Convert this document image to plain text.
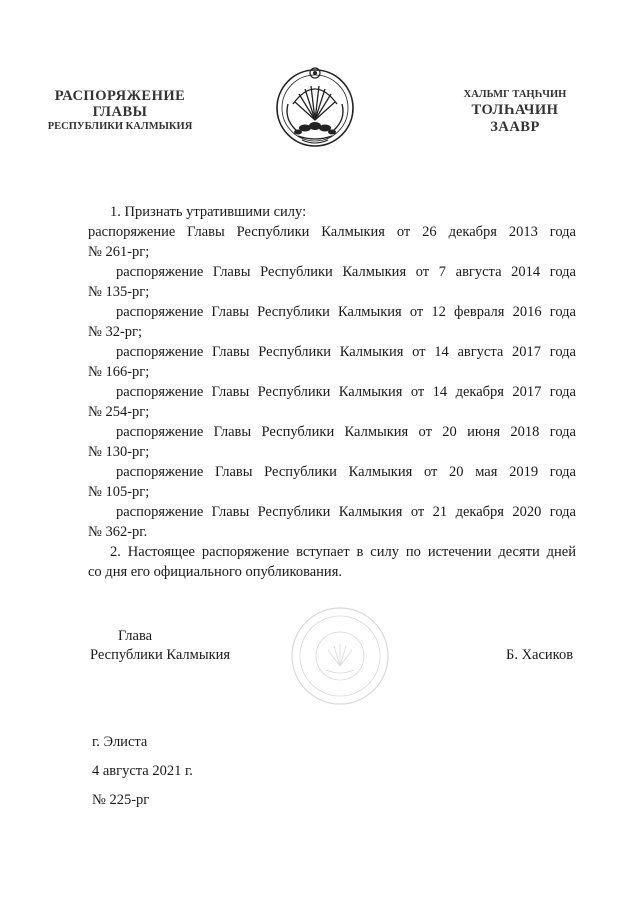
РАСПОРЯЖЕНИЕ
ГЛАВЫ
РЕСПУБЛИКИ КАЛМЫКИЯ
ХАЛЬМГ ТАҢҺЧИН
ТОЛҺАЧИН
ЗААВР
1. Признать утратившими силу:
распоряжение Главы Республики Калмыкия от 26 декабря 2013 года
№ 261-рг;
распоряжение Главы Республики Калмыкия от 7 августа 2014 года
№ 135-рг;
распоряжение Главы Республики Калмыкия от 12 февраля 2016 года
№ 32-рг;
распоряжение Главы Республики Калмыкия от 14 августа 2017 года
№ 166-рг;
распоряжение Главы Республики Калмыкия от 14 декабря 2017 года
№ 254-рг;
распоряжение Главы Республики Калмыкия от 20 июня 2018 года
№ 130-рг;
распоряжение Главы Республики Калмыкия от 20 мая 2019 года
№ 105-рг;
распоряжение Главы Республики Калмыкия от 21 декабря 2020 года
№ 362-рг.
2. Настоящее распоряжение вступает в силу по истечении десяти дней
со дня его официального опубликования.
Глава
Республики Калмыкия	Б. Хасиков
г. Элиста
4 августа 2021 г.
№ 225-рг
